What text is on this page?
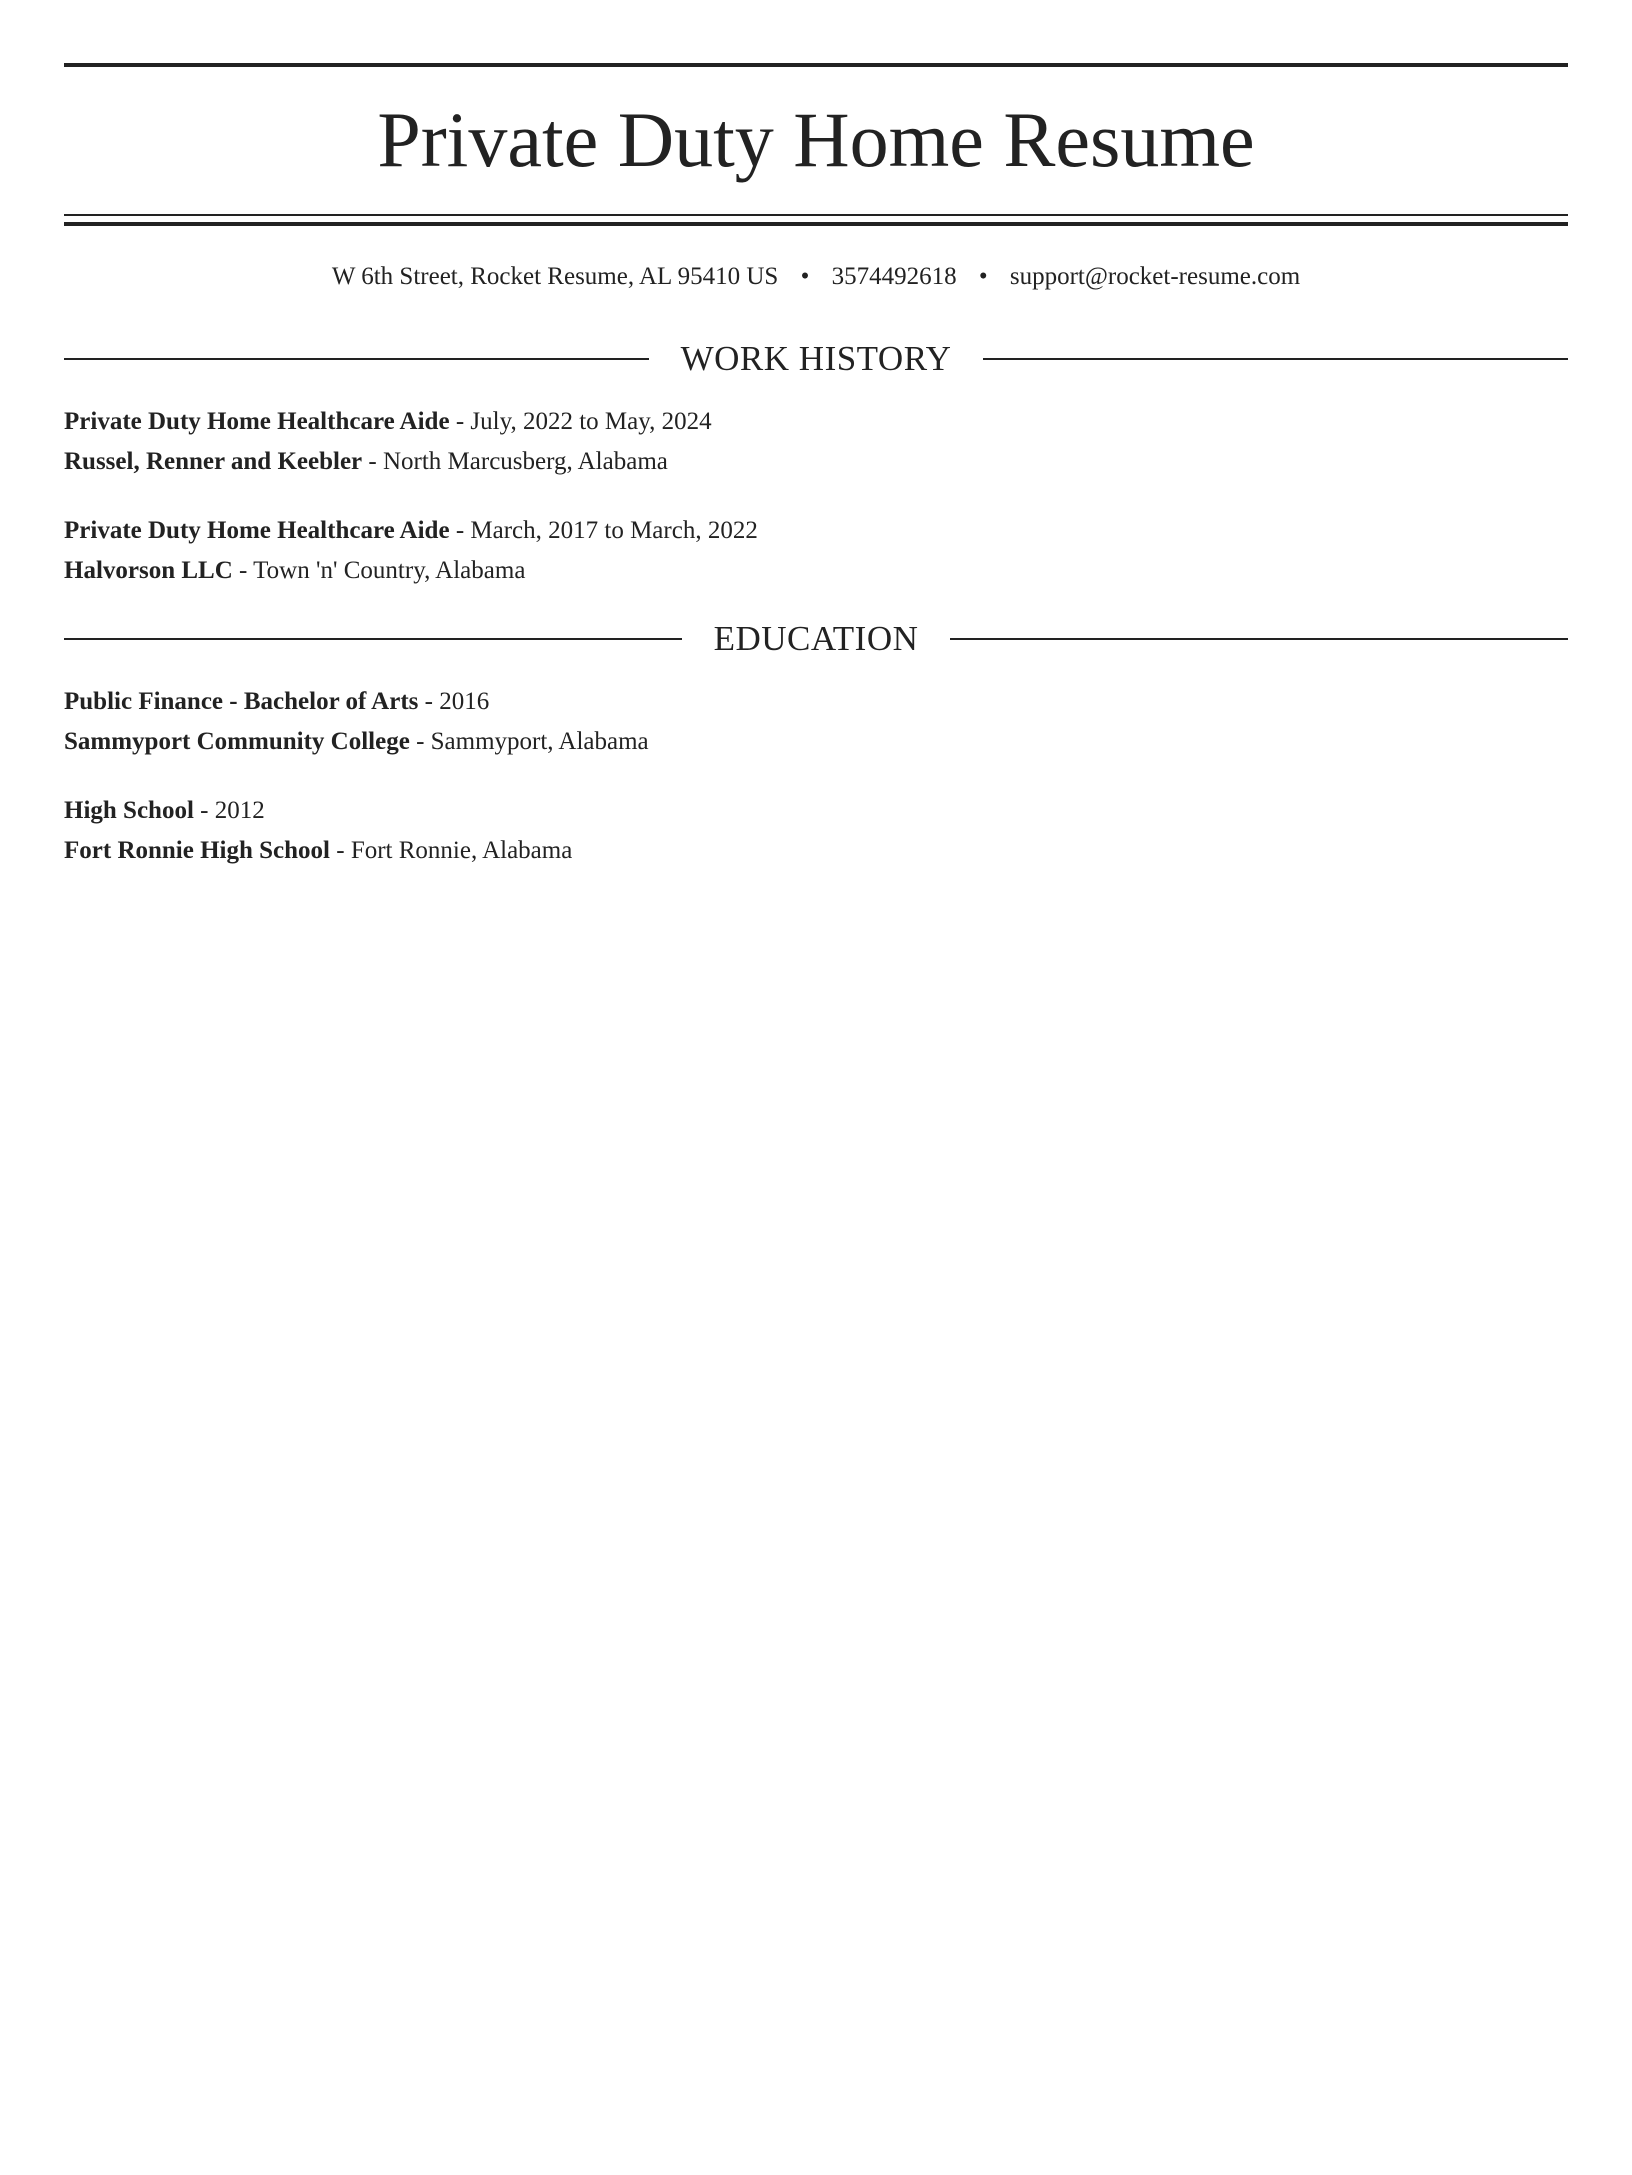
Private Duty Home Resume
W 6th Street, Rocket Resume, AL 95410 US • 3574492618 • support@rocket-resume.com
WORK HISTORY
Private Duty Home Healthcare Aide - July, 2022 to May, 2024
Russel, Renner and Keebler - North Marcusberg, Alabama
Private Duty Home Healthcare Aide - March, 2017 to March, 2022
Halvorson LLC - Town 'n' Country, Alabama
EDUCATION
Public Finance - Bachelor of Arts - 2016
Sammyport Community College - Sammyport, Alabama
High School - 2012
Fort Ronnie High School - Fort Ronnie, Alabama
